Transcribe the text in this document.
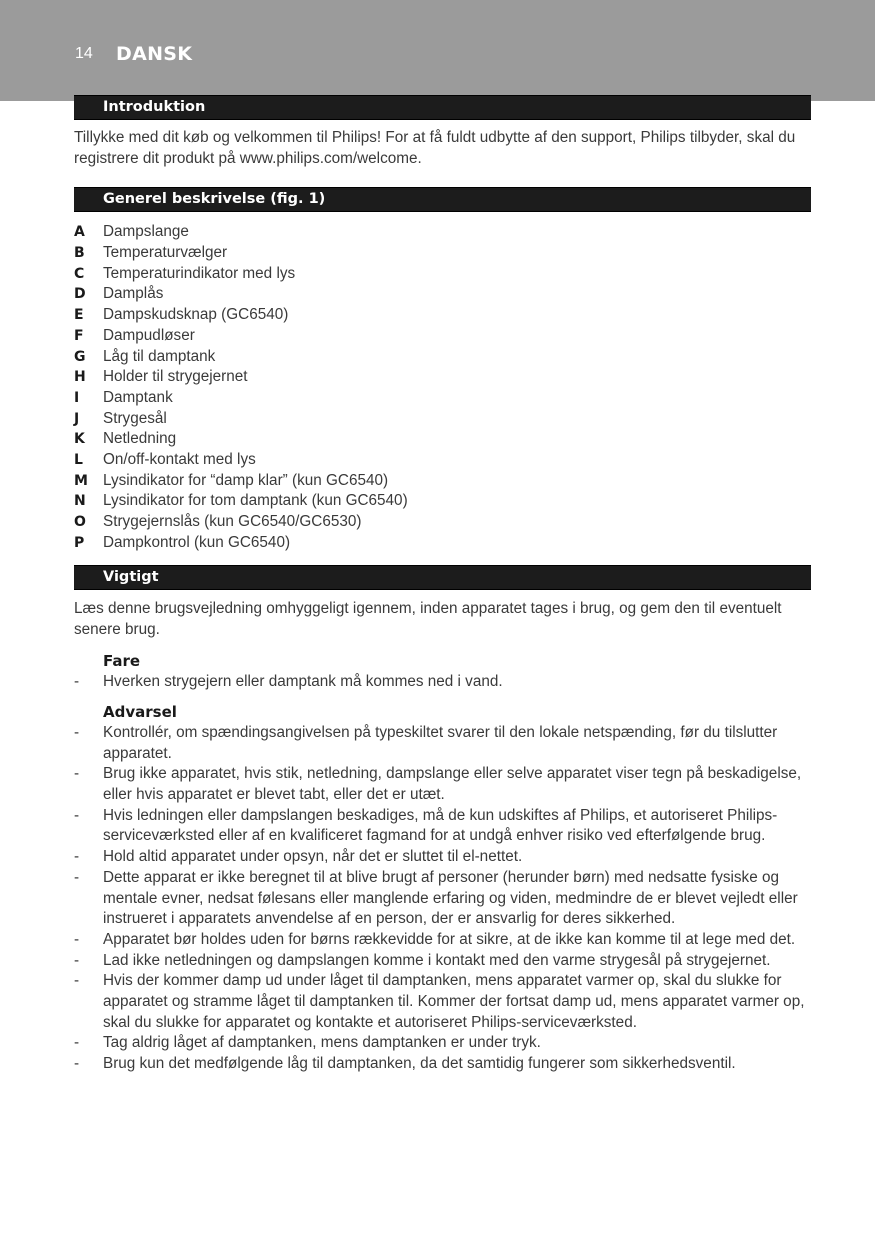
14 DANSK
Introduktion

Tillykke med dit køb og velkommen til Philips! For at få fuldt udbytte af den support, Philips tilbyder, skal du registrere dit produkt på www.philips.com/welcome.

Generel beskrivelse (fig. 1)
A Dampslange
B Temperaturvælger
C Temperaturindikator med lys
D Damplås
E Dampskudsknap (GC6540)
F Dampudløser
G Låg til damptank
H Holder til strygejernet
I Damptank
J Strygesål
K Netledning
L On/off-kontakt med lys
M Lysindikator for “damp klar” (kun GC6540)
N Lysindikator for tom damptank (kun GC6540)
O Strygejernslås (kun GC6540/GC6530)
P Dampkontrol (kun GC6540)
Vigtigt

Læs denne brugsvejledning omhyggeligt igennem, inden apparatet tages i brug, og gem den til eventuelt senere brug.

Fare
- Hverken strygejern eller damptank må kommes ned i vand.
Advarsel
- Kontrollér, om spændingsangivelsen på typeskiltet svarer til den lokale netspænding, før du tilslutter apparatet.
- Brug ikke apparatet, hvis stik, netledning, dampslange eller selve apparatet viser tegn på beskadigelse, eller hvis apparatet er blevet tabt, eller det er utæt.
- Hvis ledningen eller dampslangen beskadiges, må de kun udskiftes af Philips, et autoriseret Philips-serviceværksted eller af en kvalificeret fagmand for at undgå enhver risiko ved efterfølgende brug.
- Hold altid apparatet under opsyn, når det er sluttet til el-nettet.
- Dette apparat er ikke beregnet til at blive brugt af personer (herunder børn) med nedsatte fysiske og mentale evner, nedsat følesans eller manglende erfaring og viden, medmindre de er blevet vejledt eller instrueret i apparatets anvendelse af en person, der er ansvarlig for deres sikkerhed.
- Apparatet bør holdes uden for børns rækkevidde for at sikre, at de ikke kan komme til at lege med det.
- Lad ikke netledningen og dampslangen komme i kontakt med den varme strygesål på strygejernet.
- Hvis der kommer damp ud under låget til damptanken, mens apparatet varmer op, skal du slukke for apparatet og stramme låget til damptanken til. Kommer der fortsat damp ud, mens apparatet varmer op, skal du slukke for apparatet og kontakte et autoriseret Philips-serviceværksted.
- Tag aldrig låget af damptanken, mens damptanken er under tryk.
- Brug kun det medfølgende låg til damptanken, da det samtidig fungerer som sikkerhedsventil.
